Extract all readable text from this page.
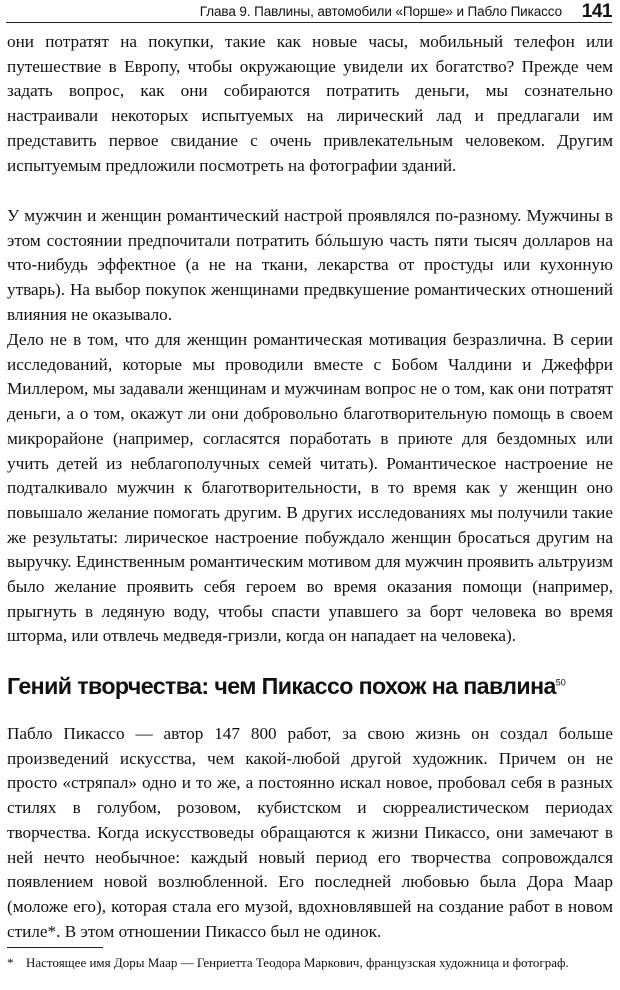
Глава 9. Павлины, автомобили «Порше» и Пабло Пикассо 141

они потратят на покупки, такие как новые часы, мобильный телефон или путешествие в Европу, чтобы окружающие увидели их богатство? Прежде чем задать вопрос, как они собираются потратить деньги, мы сознательно настраивали некоторых испытуемых на лирический лад и предлагали им представить первое свидание с очень привлекательным человеком. Другим испытуемым предложили посмотреть на фотографии зданий.

У мужчин и женщин романтический настрой проявлялся по-разному. Мужчины в этом состоянии предпочитали потратить бóльшую часть пяти тысяч долларов на что-нибудь эффектное (а не на ткани, лекарства от простуды или кухонную утварь). На выбор покупок женщинами предвкушение романтических отношений влияния не оказывало.

Дело не в том, что для женщин романтическая мотивация безразлична. В серии исследований, которые мы проводили вместе с Бобом Чалдини и Джеффри Миллером, мы задавали женщинам и мужчинам вопрос не о том, как они потратят деньги, а о том, окажут ли они добровольно благотворительную помощь в своем микрорайоне (например, согласятся поработать в приюте для бездомных или учить детей из неблагополучных семей читать). Романтическое настроение не подталкивало мужчин к благотворительности, в то время как у женщин оно повышало желание помогать другим. В других исследованиях мы получили такие же результаты: лирическое настроение побуждало женщин бросаться другим на выручку. Единственным романтическим мотивом для мужчин проявить альтруизм было желание проявить себя героем во время оказания помощи (например, прыгнуть в ледяную воду, чтобы спасти упавшего за борт человека во время шторма, или отвлечь медведя-гризли, когда он нападает на человека).

Гений творчества: чем Пикассо похож на павлина$^{50}$

Пабло Пикассо — автор 147 800 работ, за свою жизнь он создал больше произведений искусства, чем какой-любой другой художник. Причем он не просто «стряпал» одно и то же, а постоянно искал новое, пробовал себя в разных стилях в голубом, розовом, кубистском и сюрреалистическом периодах творчества. Когда искусствоведы обращаются к жизни Пикассо, они замечают в ней нечто необычное: каждый новый период его творчества сопровождался появлением новой возлюбленной. Его последней любовью была Дора Маар (моложе его), которая стала его музой, вдохновлявшей на создание работ в новом стиле*. В этом отношении Пикассо был не одинок.

* Настоящее имя Доры Маар — Генриетта Теодора Маркович, французская художница и фотограф.
